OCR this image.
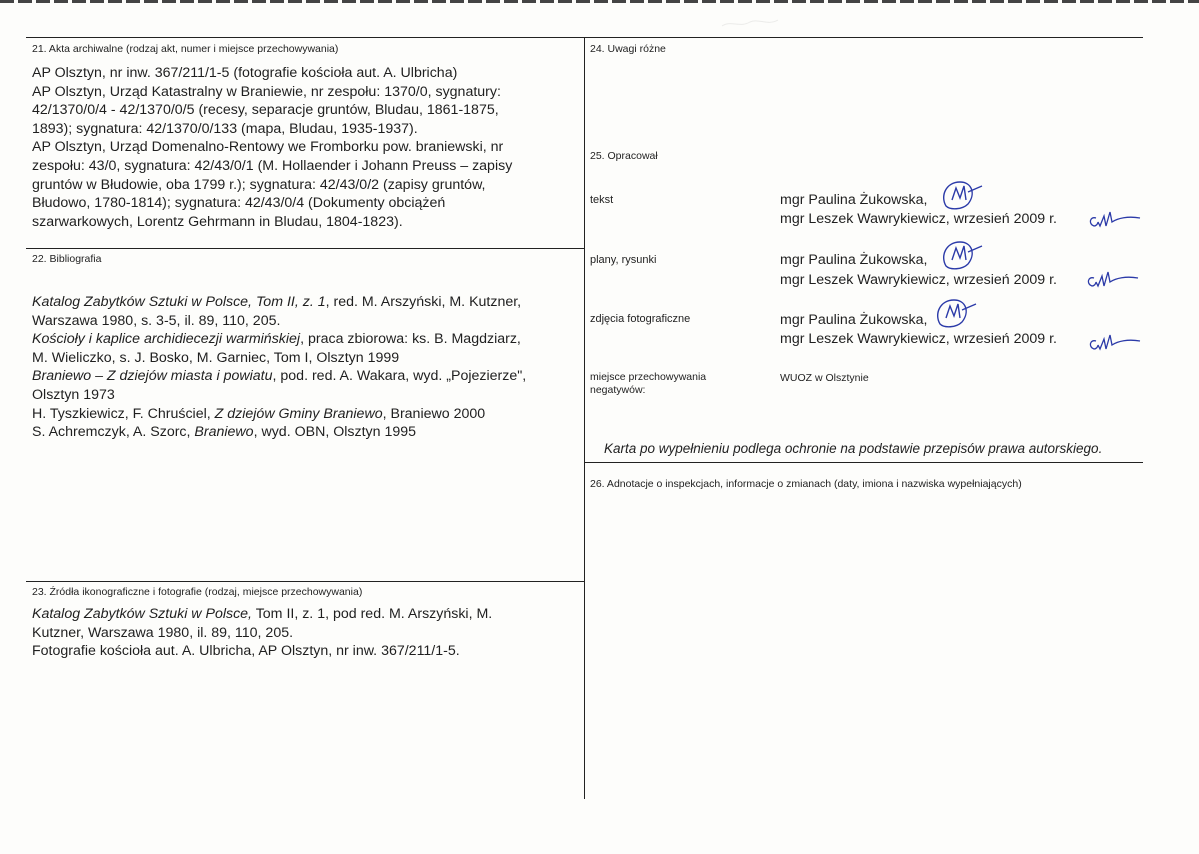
21. Akta archiwalne (rodzaj akt, numer i miejsce przechowywania)
AP Olsztyn, nr inw. 367/211/1-5 (fotografie kościoła aut. A. Ulbricha)
AP Olsztyn, Urząd Katastralny w Braniewie, nr zespołu: 1370/0, sygnatury:
42/1370/0/4 - 42/1370/0/5 (recesy, separacje gruntów, Bludau, 1861-1875,
1893); sygnatura: 42/1370/0/133 (mapa, Bludau, 1935-1937).
AP Olsztyn, Urząd Domenalno-Rentowy we Fromborku pow. braniewski, nr
zespołu: 43/0, sygnatura: 42/43/0/1 (M. Hollaender i Johann Preuss – zapisy
gruntów w Błudowie, oba 1799 r.); sygnatura: 42/43/0/2 (zapisy gruntów,
Błudowo, 1780-1814); sygnatura: 42/43/0/4 (Dokumenty obciążeń
szarwarkowych, Lorentz Gehrmann in Bludau, 1804-1823).
22. Bibliografia
Katalog Zabytków Sztuki w Polsce, Tom II, z. 1, red. M. Arszyński, M. Kutzner,
Warszawa 1980, s. 3-5, il. 89, 110, 205.
Kościoły i kaplice archidiecezji warmińskiej, praca zbiorowa: ks. B. Magdziarz,
M. Wieliczko, s. J. Bosko, M. Garniec, Tom I, Olsztyn 1999
Braniewo – Z dziejów miasta i powiatu, pod. red. A. Wakara, wyd. „Pojezierze",
Olsztyn 1973
H. Tyszkiewicz, F. Chruściel, Z dziejów Gminy Braniewo, Braniewo 2000
S. Achremczyk, A. Szorc, Braniewo, wyd. OBN, Olsztyn 1995
23. Źródła ikonograficzne i fotografie (rodzaj, miejsce przechowywania)
Katalog Zabytków Sztuki w Polsce, Tom II, z. 1, pod red. M. Arszyński, M.
Kutzner, Warszawa 1980, il. 89, 110, 205.
Fotografie kościoła aut. A. Ulbricha, AP Olsztyn, nr inw. 367/211/1-5.
24. Uwagi różne
25. Opracował
tekst	mgr Paulina Żukowska,
mgr Leszek Wawrykiewicz, wrzesień 2009 r.
plany, rysunki	mgr Paulina Żukowska,
mgr Leszek Wawrykiewicz, wrzesień 2009 r.
zdjęcia fotograficzne	mgr Paulina Żukowska,
mgr Leszek Wawrykiewicz, wrzesień 2009 r.
miejsce przechowywania
negatywów:
WUOZ w Olsztynie
Karta po wypełnieniu podlega ochronie na podstawie przepisów prawa autorskiego.
26. Adnotacje o inspekcjach, informacje o zmianach (daty, imiona i nazwiska wypełniających)
